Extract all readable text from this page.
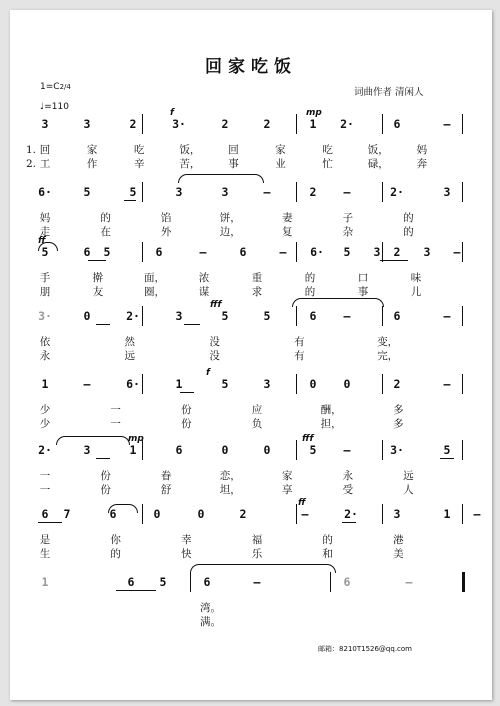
回家吃饭
1=C2/4
♩=110
词曲作者 清闲人
3	3	2	3·	2	2	1	2·	6	–
f	mp
1.
2.
回	家	吃	饭，	回	家	吃	饭，	妈
工	作	辛	苦，	事	业	忙	碌，	奔
6·	5	5	3	3	–	2	–	2·	3
妈	的	馅	饼，	妻	子	的
走	在	外	边，	复	杂	的
5	6	5	6	–	6	–	6·	5	3	2	3	–
ff
手	擀	面，	浓	重	的	口	味
朋	友	圈，	谋	求	的	事	儿
3·	0	2·	3	5	5	6	–	6	–
fff
依	然	没	有	变，
永	远	没	有	完，
1	–	6·	1	5	3	0	0	2	–
f
少	一	份	应	酬，	多
少	一	份	负	担，	多
2·	3	1	6	0	0	5	–	3·	5
mp	fff
一	份	眷	恋，	家	永	远
一	份	舒	坦，	享	受	人
6	7	6	0	0	2	–	2·	3	1	–
ff
是	你	幸	福	的	港
生	的	快	乐	和	美
1	6	5	6	–	6	–
湾。
满。
邮箱：8210T1526@qq.com
